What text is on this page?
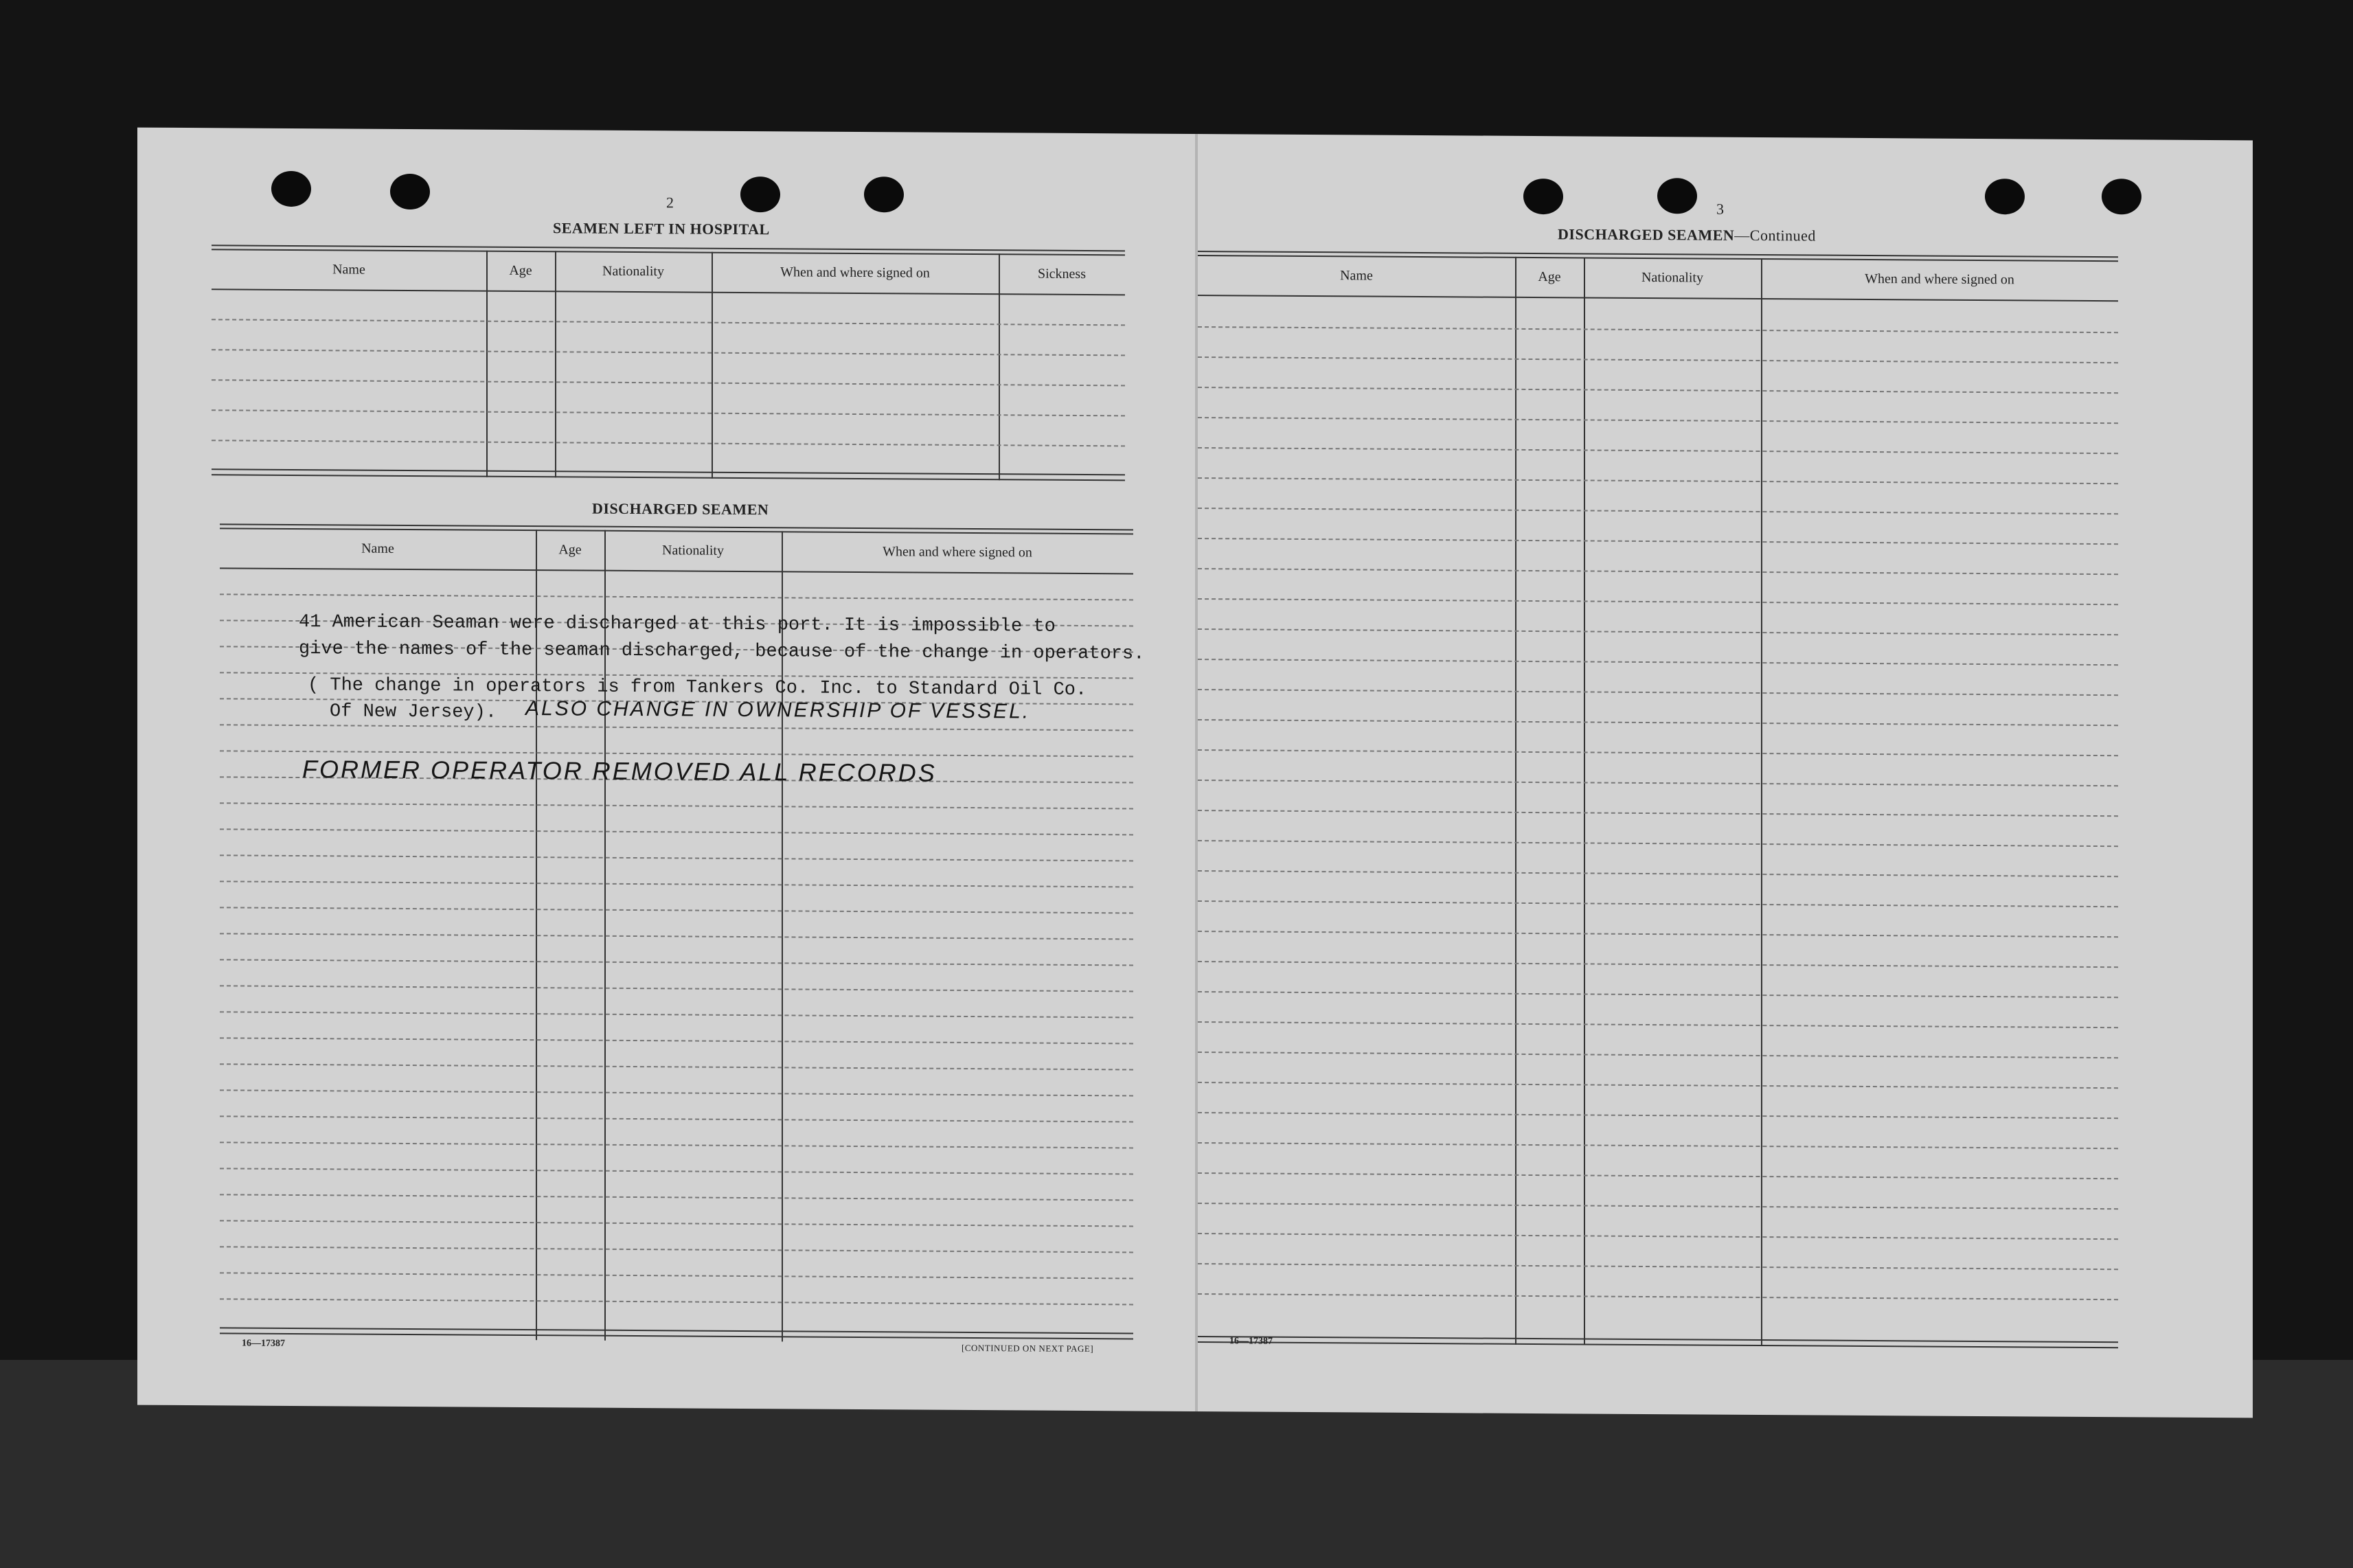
2
SEAMEN LEFT IN HOSPITAL
Name	Age	Nationality	When and where signed on	Sickness
DISCHARGED SEAMEN
Name	Age	Nationality	When and where signed on
41 American Seaman were discharged at this port. It is impossible to
give the names of the seaman discharged, because of the change in operators.
( The change in operators is from Tankers Co. Inc. to Standard Oil Co.
Of New Jersey). ALSO CHANGE IN OWNERSHIP OF VESSEL.
FORMER OPERATOR REMOVED ALL RECORDS
16—17387	[CONTINUED ON NEXT PAGE]
3
DISCHARGED SEAMEN—Continued
Name	Age	Nationality	When and where signed on
16—17387
